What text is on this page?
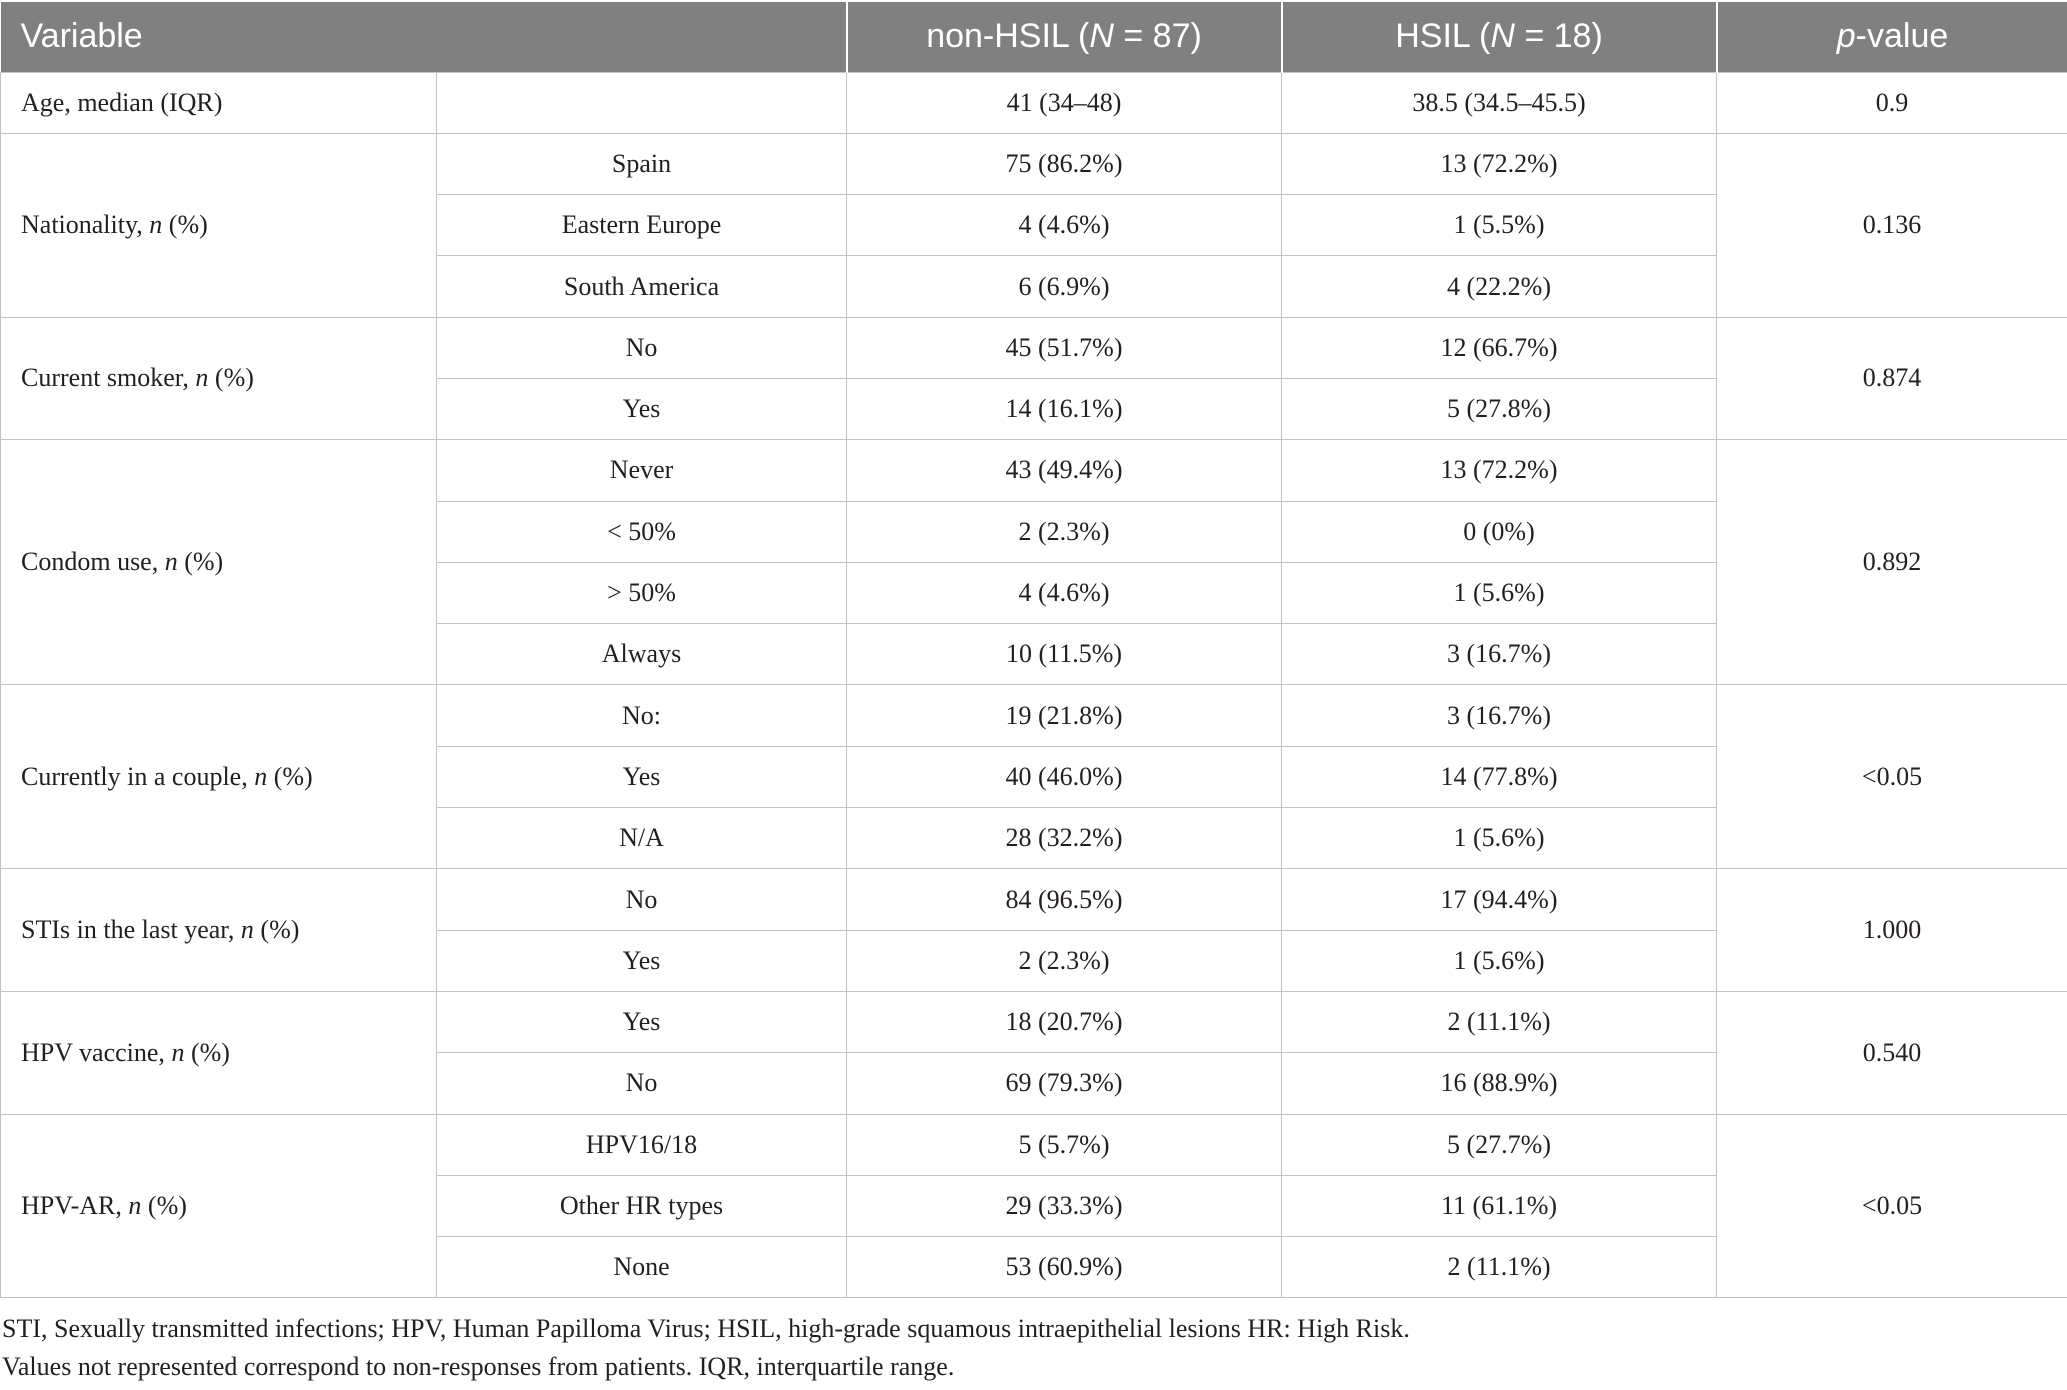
Variable		non-HSIL (N = 87)	HSIL (N = 18)	p-value
Age, median (IQR)		41 (34–48)	38.5 (34.5–45.5)	0.9
Nationality, n (%)	Spain	75 (86.2%)	13 (72.2%)	0.136
	Eastern Europe	4 (4.6%)	1 (5.5%)	
	South America	6 (6.9%)	4 (22.2%)	
Current smoker, n (%)	No	45 (51.7%)	12 (66.7%)	0.874
	Yes	14 (16.1%)	5 (27.8%)	
Condom use, n (%)	Never	43 (49.4%)	13 (72.2%)	0.892
	< 50%	2 (2.3%)	0 (0%)	
	> 50%	4 (4.6%)	1 (5.6%)	
	Always	10 (11.5%)	3 (16.7%)	
Currently in a couple, n (%)	No:	19 (21.8%)	3 (16.7%)	<0.05
	Yes	40 (46.0%)	14 (77.8%)	
	N/A	28 (32.2%)	1 (5.6%)	
STIs in the last year, n (%)	No	84 (96.5%)	17 (94.4%)	1.000
	Yes	2 (2.3%)	1 (5.6%)	
HPV vaccine, n (%)	Yes	18 (20.7%)	2 (11.1%)	0.540
	No	69 (79.3%)	16 (88.9%)	
HPV-AR, n (%)	HPV16/18	5 (5.7%)	5 (27.7%)	<0.05
	Other HR types	29 (33.3%)	11 (61.1%)	
	None	53 (60.9%)	2 (11.1%)	

STI, Sexually transmitted infections; HPV, Human Papilloma Virus; HSIL, high-grade squamous intraepithelial lesions HR: High Risk.

Values not represented correspond to non-responses from patients. IQR, interquartile range.
